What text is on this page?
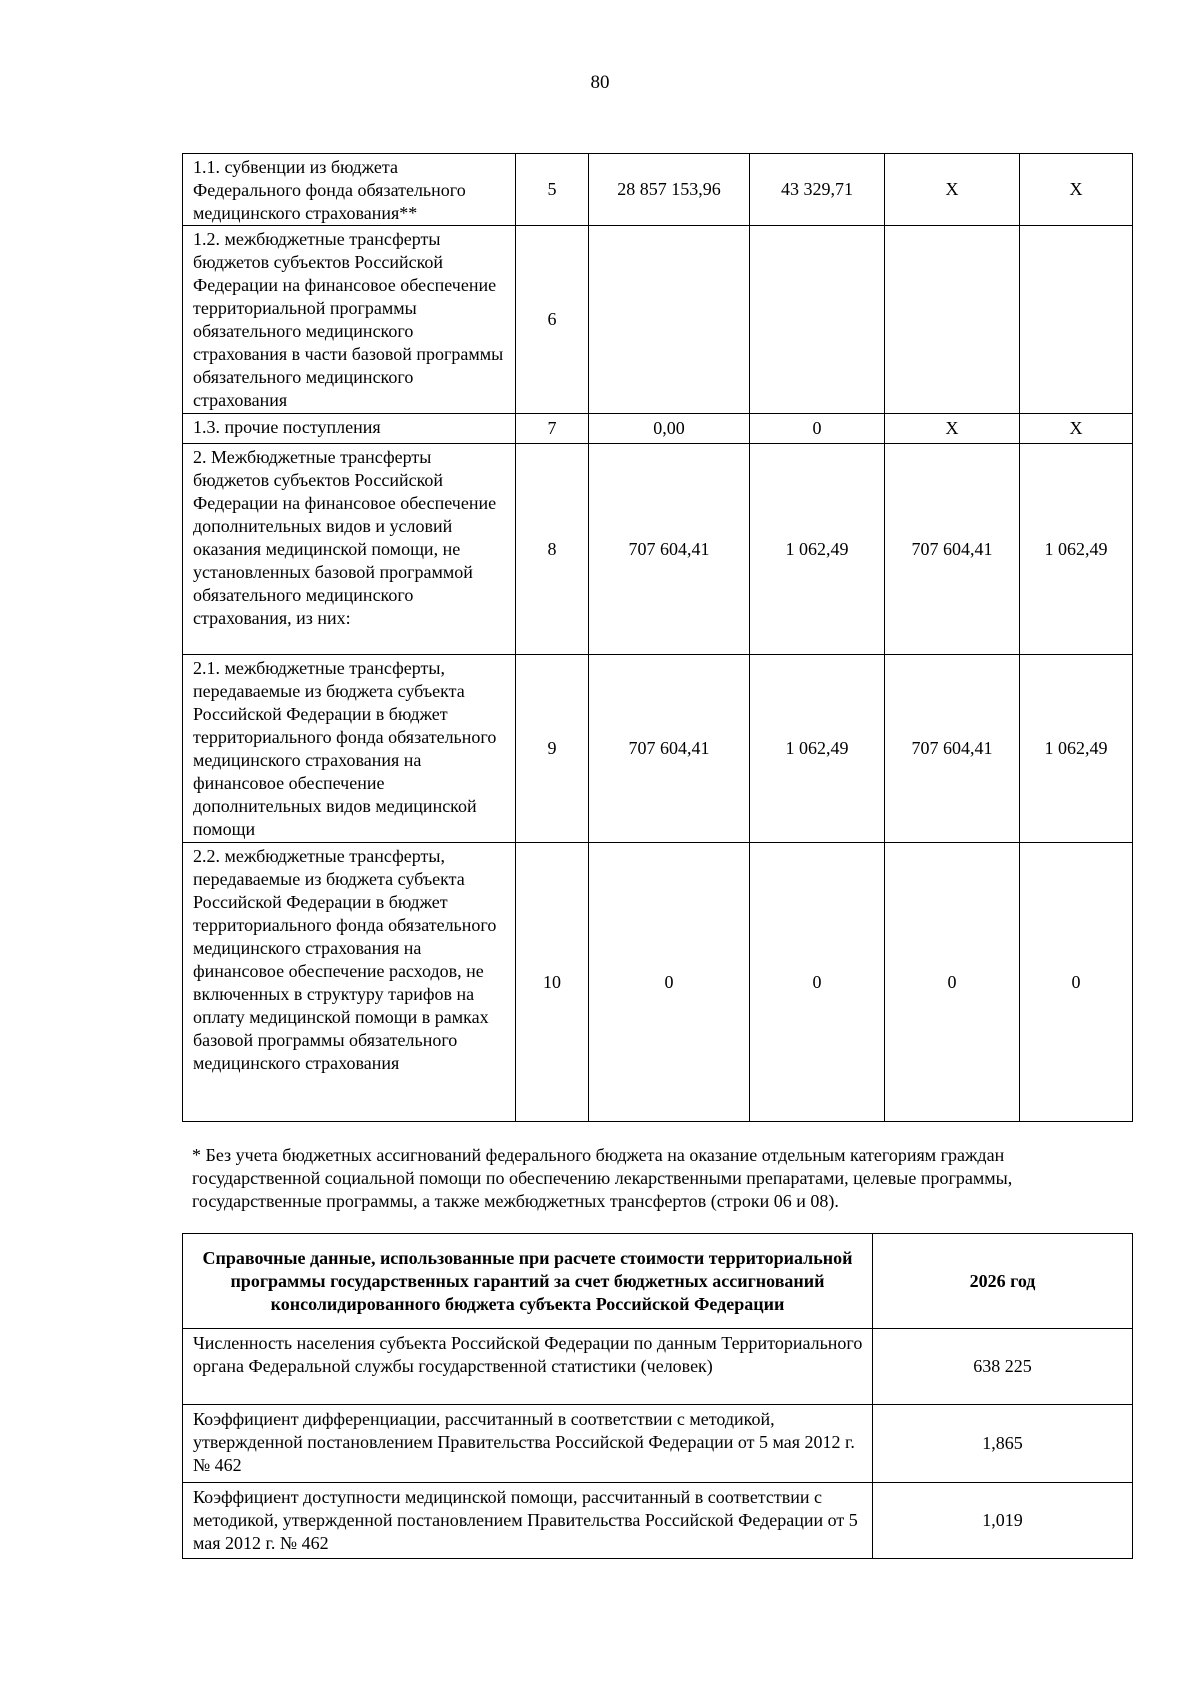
80
1.1. субвенции из бюджета Федерального фонда обязательного медицинского страхования**	5	28 857 153,96	43 329,71	X	X
1.2. межбюджетные трансферты бюджетов субъектов Российской Федерации на финансовое обеспечение территориальной программы обязательного медицинского страхования в части базовой программы обязательного медицинского страхования	6				
1.3. прочие поступления	7	0,00	0	X	X
2. Межбюджетные трансферты бюджетов субъектов Российской Федерации на финансовое обеспечение дополнительных видов и условий оказания медицинской помощи, не установленных базовой программой обязательного медицинского страхования, из них:	8	707 604,41	1 062,49	707 604,41	1 062,49
2.1. межбюджетные трансферты, передаваемые из бюджета субъекта Российской Федерации в бюджет территориального фонда обязательного медицинского страхования на финансовое обеспечение дополнительных видов медицинской помощи	9	707 604,41	1 062,49	707 604,41	1 062,49
2.2. межбюджетные трансферты, передаваемые из бюджета субъекта Российской Федерации в бюджет территориального фонда обязательного медицинского страхования на финансовое обеспечение расходов, не включенных в структуру тарифов на оплату медицинской помощи в рамках базовой программы обязательного медицинского страхования	10	0	0	0	0
* Без учета бюджетных ассигнований федерального бюджета на оказание отдельным категориям граждан государственной социальной помощи по обеспечению лекарственными препаратами, целевые программы, государственные программы, а также межбюджетных трансфертов (строки 06 и 08).
Справочные данные, использованные при расчете стоимости территориальной программы государственных гарантий за счет бюджетных ассигнований консолидированного бюджета субъекта Российской Федерации	2026 год
Численность населения субъекта Российской Федерации по данным Территориального органа Федеральной службы государственной статистики (человек)	638 225
Коэффициент дифференциации, рассчитанный в соответствии с методикой, утвержденной постановлением Правительства Российской Федерации от 5 мая 2012 г. № 462	1,865
Коэффициент доступности медицинской помощи, рассчитанный в соответствии с методикой, утвержденной постановлением Правительства Российской Федерации от 5 мая 2012 г. № 462	1,019
